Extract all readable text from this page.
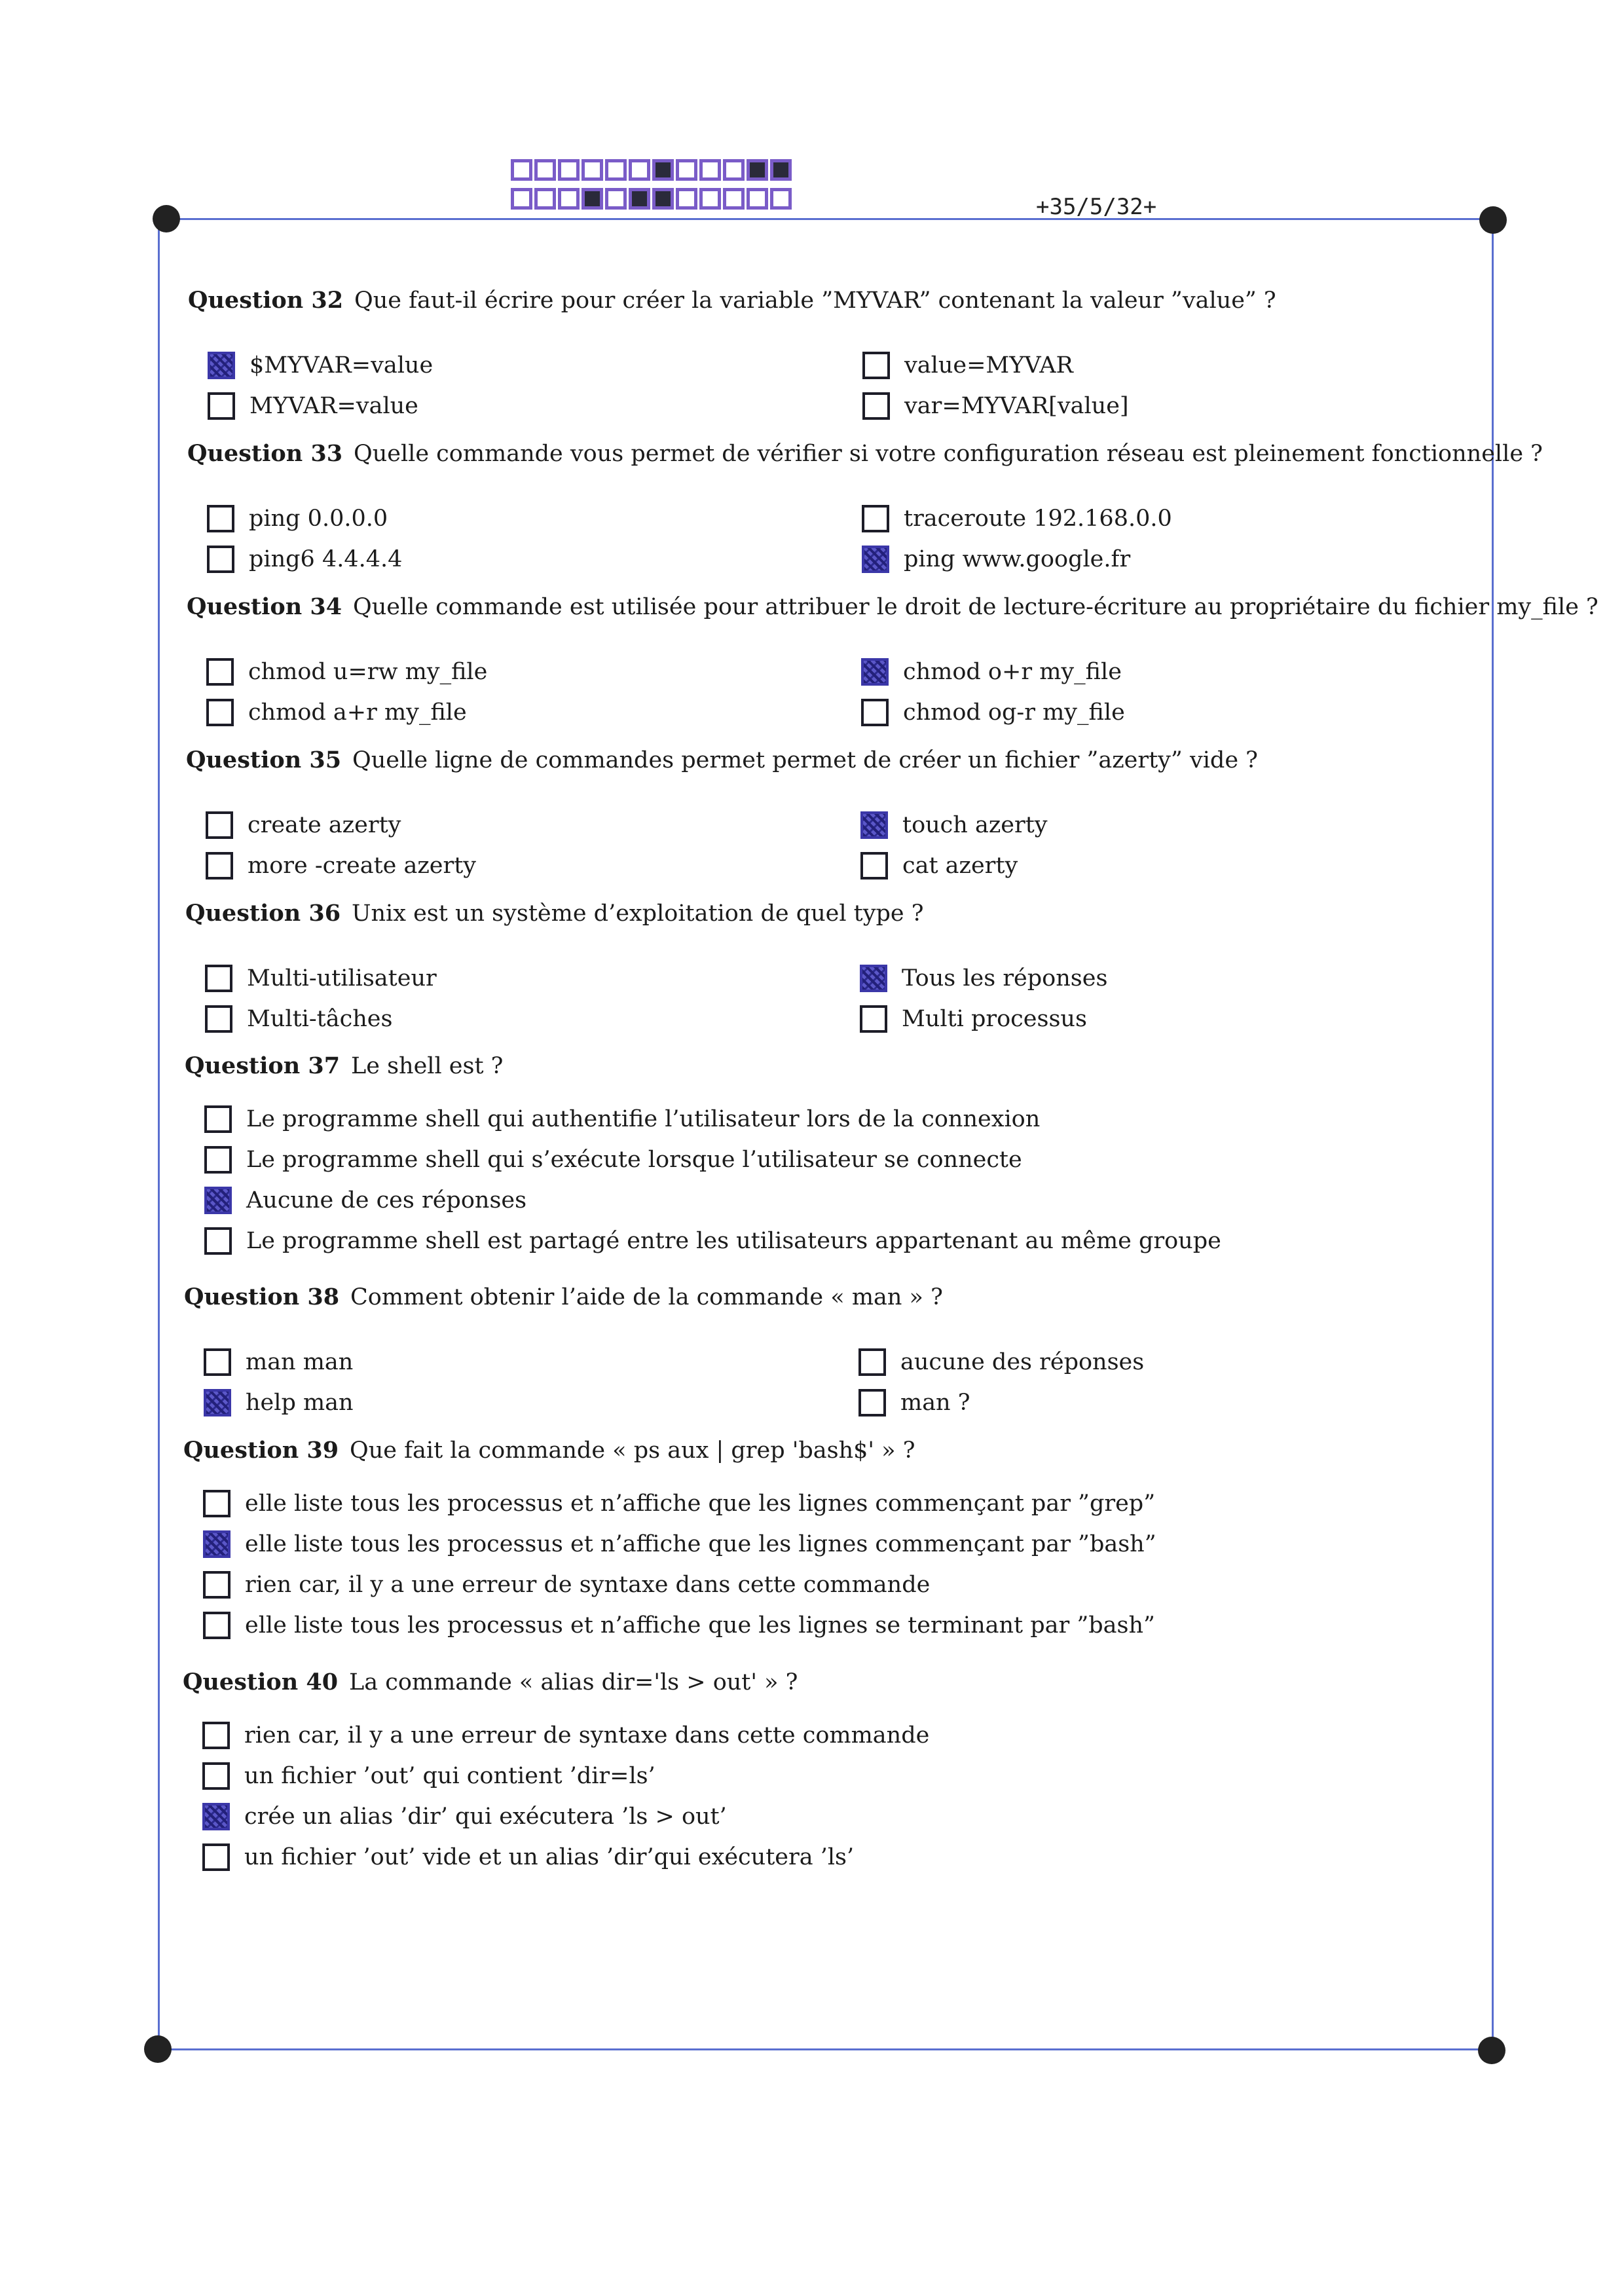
+35/5/32+
Question 32 Que faut-il écrire pour créer la variable ”MYVAR” contenant la valeur ”value” ?
$MYVAR=value
MYVAR=value
value=MYVAR
var=MYVAR[value]
Question 33 Quelle commande vous permet de vérifier si votre configuration réseau est pleinement fonctionnelle ?
ping 0.0.0.0
ping6 4.4.4.4
traceroute 192.168.0.0
ping www.google.fr
Question 34 Quelle commande est utilisée pour attribuer le droit de lecture-écriture au propriétaire du fichier my_file ?
chmod u=rw my_file
chmod a+r my_file
chmod o+r my_file
chmod og-r my_file
Question 35 Quelle ligne de commandes permet permet de créer un fichier ”azerty” vide ?
create azerty
more -create azerty
touch azerty
cat azerty
Question 36 Unix est un système d’exploitation de quel type ?
Multi-utilisateur
Multi-tâches
Tous les réponses
Multi processus
Question 37 Le shell est ?
Le programme shell qui authentifie l’utilisateur lors de la connexion
Le programme shell qui s’exécute lorsque l’utilisateur se connecte
Aucune de ces réponses
Le programme shell est partagé entre les utilisateurs appartenant au même groupe
Question 38 Comment obtenir l’aide de la commande « man » ?
man man
help man
aucune des réponses
man ?
Question 39 Que fait la commande « ps aux | grep 'bash$' » ?
elle liste tous les processus et n’affiche que les lignes commençant par ”grep”
elle liste tous les processus et n’affiche que les lignes commençant par ”bash”
rien car, il y a une erreur de syntaxe dans cette commande
elle liste tous les processus et n’affiche que les lignes se terminant par ”bash”
Question 40 La commande « alias dir='ls > out' » ?
rien car, il y a une erreur de syntaxe dans cette commande
un fichier ’out’ qui contient ’dir=ls’
crée un alias ’dir’ qui exécutera ’ls > out’
un fichier ’out’ vide et un alias ’dir’qui exécutera ’ls’
